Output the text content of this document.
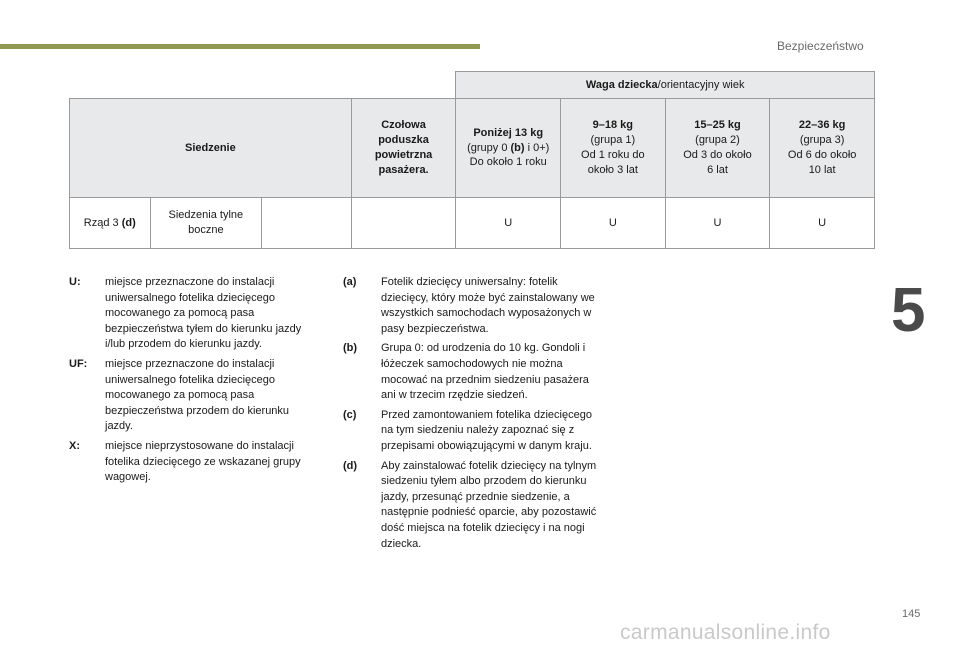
Bezpieczeństwo
5
				Waga dziecka/orientacyjny wiek			
Siedzenie			Czołowa
poduszka
powietrzna
pasażera.	Poniżej 13 kg
(grupy 0 (b) i 0+)
Do około 1 roku	9–18 kg
(grupa 1)
Od 1 roku do
około 3 lat	15–25 kg
(grupa 2)
Od 3 do około
6 lat	22–36 kg
(grupa 3)
Od 6 do około
10 lat
Rząd 3 (d)	Siedzenia tylne
boczne			U	U	U	U
U:	miejsce przeznaczone do instalacji uniwersalnego fotelika dziecięcego mocowanego za pomocą pasa bezpieczeństwa tyłem do kierunku jazdy i/lub przodem do kierunku jazdy.
UF:	miejsce przeznaczone do instalacji uniwersalnego fotelika dziecięcego mocowanego za pomocą pasa bezpieczeństwa przodem do kierunku jazdy.
X:	miejsce nieprzystosowane do instalacji fotelika dziecięcego ze wskazanej grupy wagowej.
(a)	Fotelik dziecięcy uniwersalny: fotelik dziecięcy, który może być zainstalowany we wszystkich samochodach wyposażonych w pasy bezpieczeństwa.
(b)	Grupa 0: od urodzenia do 10 kg. Gondoli i łóżeczek samochodowych nie można mocować na przednim siedzeniu pasażera ani w trzecim rzędzie siedzeń.
(c)	Przed zamontowaniem fotelika dziecięcego na tym siedzeniu należy zapoznać się z przepisami obowiązującymi w danym kraju.
(d)	Aby zainstalować fotelik dziecięcy na tylnym siedzeniu tyłem albo przodem do kierunku jazdy, przesunąć przednie siedzenie, a następnie podnieść oparcie, aby pozostawić dość miejsca na fotelik dziecięcy i na nogi dziecka.
145
carmanualsonline.info
